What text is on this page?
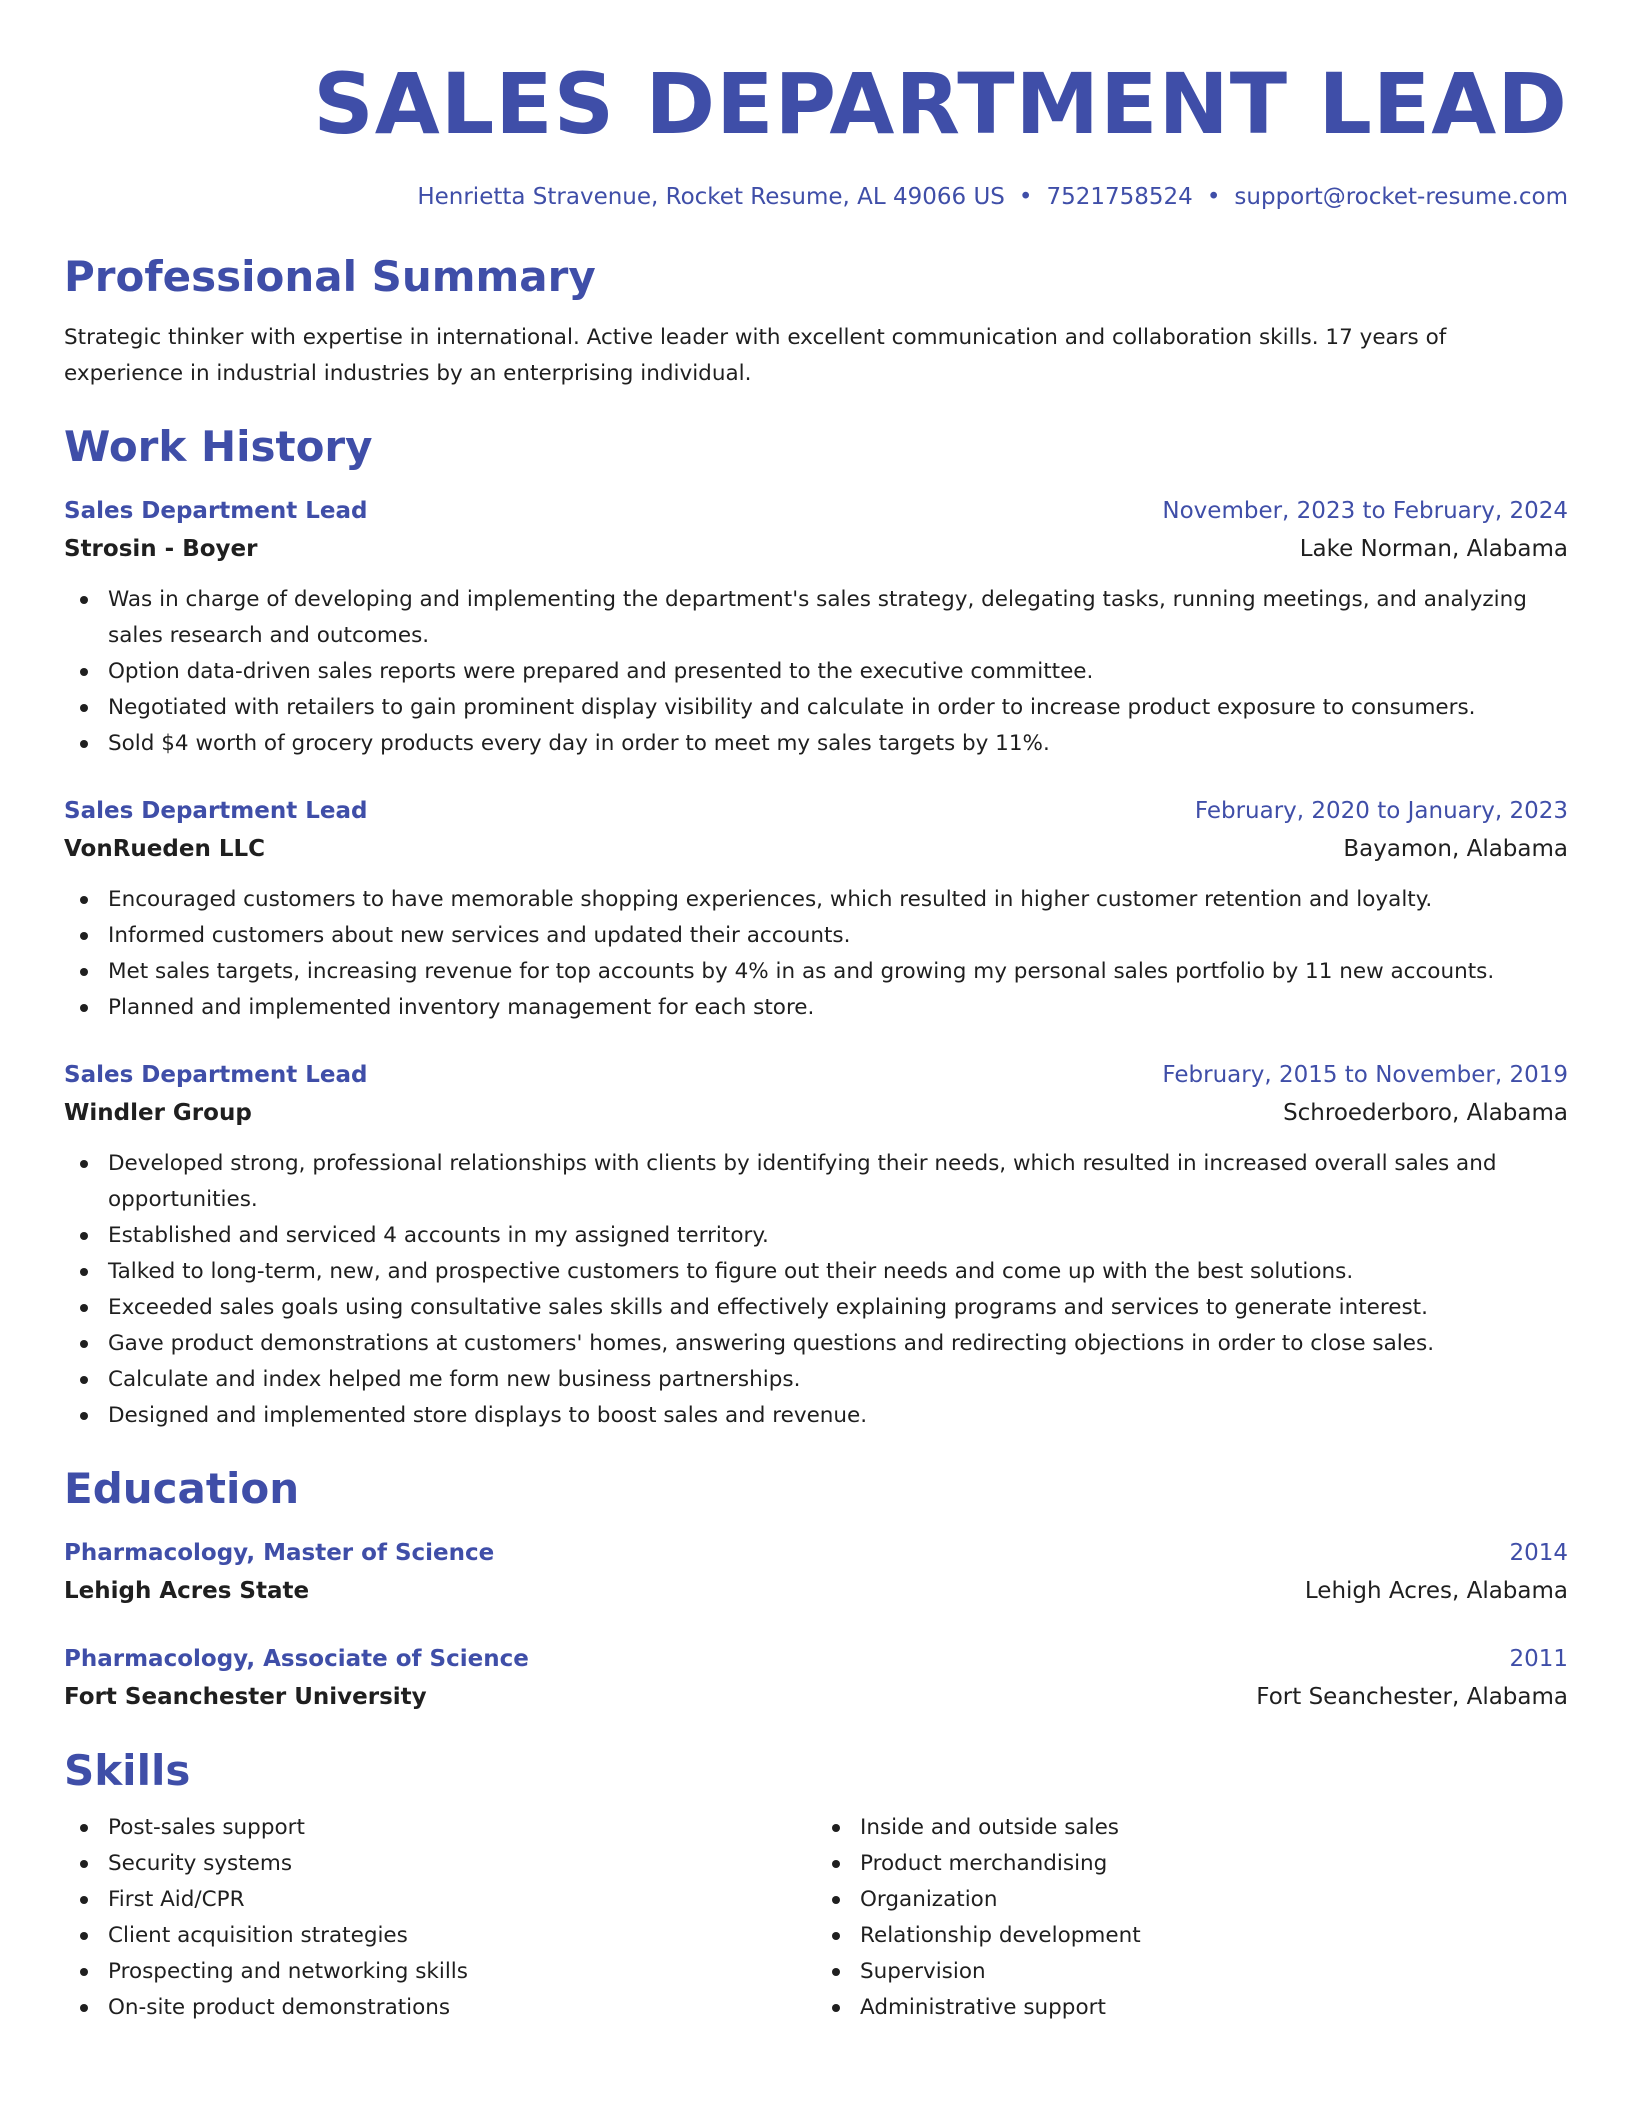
SALES DEPARTMENT LEAD
Henrietta Stravenue, Rocket Resume, AL 49066 US • 7521758524 • support@rocket-resume.com
Professional Summary

Strategic thinker with expertise in international. Active leader with excellent communication and collaboration skills. 17 years of experience in industrial industries by an enterprising individual.

Work History
Sales Department Lead	November, 2023 to February, 2024
Strosin - Boyer	Lake Norman, Alabama
Was in charge of developing and implementing the department's sales strategy, delegating tasks, running meetings, and analyzing sales research and outcomes.
Option data-driven sales reports were prepared and presented to the executive committee.
Negotiated with retailers to gain prominent display visibility and calculate in order to increase product exposure to consumers.
Sold $4 worth of grocery products every day in order to meet my sales targets by 11%.
Sales Department Lead	February, 2020 to January, 2023
VonRueden LLC	Bayamon, Alabama
Encouraged customers to have memorable shopping experiences, which resulted in higher customer retention and loyalty.
Informed customers about new services and updated their accounts.
Met sales targets, increasing revenue for top accounts by 4% in as and growing my personal sales portfolio by 11 new accounts.
Planned and implemented inventory management for each store.
Sales Department Lead	February, 2015 to November, 2019
Windler Group	Schroederboro, Alabama
Developed strong, professional relationships with clients by identifying their needs, which resulted in increased overall sales and opportunities.
Established and serviced 4 accounts in my assigned territory.
Talked to long-term, new, and prospective customers to figure out their needs and come up with the best solutions.
Exceeded sales goals using consultative sales skills and effectively explaining programs and services to generate interest.
Gave product demonstrations at customers' homes, answering questions and redirecting objections in order to close sales.
Calculate and index helped me form new business partnerships.
Designed and implemented store displays to boost sales and revenue.
Education
Pharmacology, Master of Science	2014
Lehigh Acres State	Lehigh Acres, Alabama
Pharmacology, Associate of Science	2011
Fort Seanchester University	Fort Seanchester, Alabama
Skills
Post-sales support
Security systems
First Aid/CPR
Client acquisition strategies
Prospecting and networking skills
On-site product demonstrations
Inside and outside sales
Product merchandising
Organization
Relationship development
Supervision
Administrative support
